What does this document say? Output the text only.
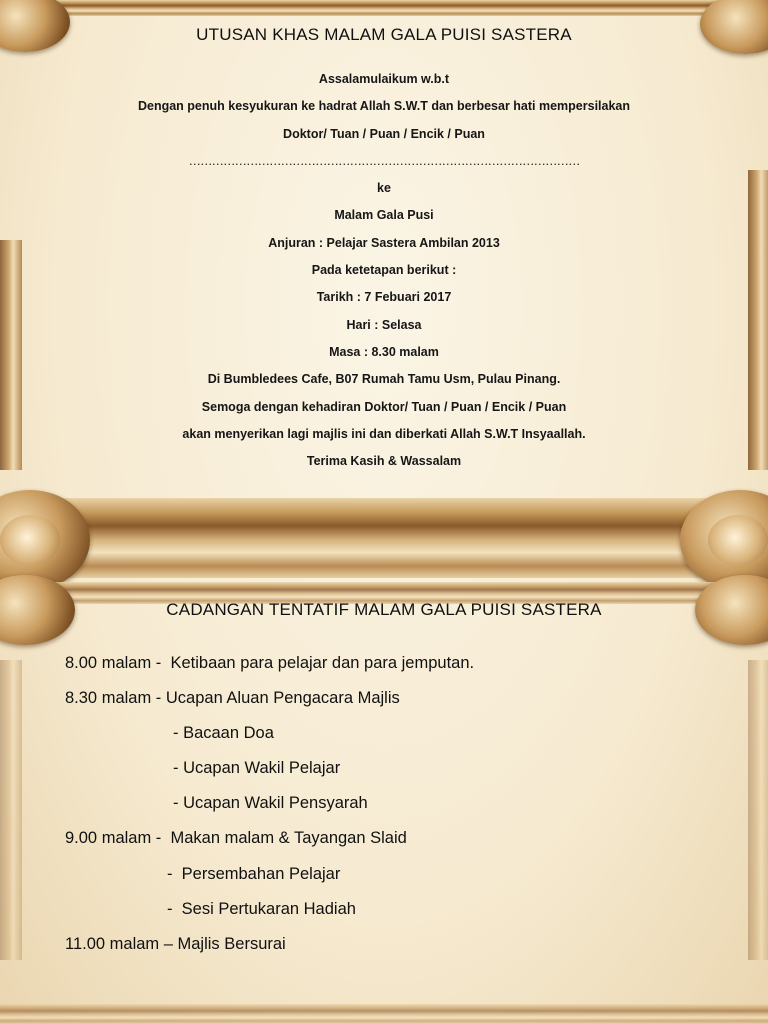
UTUSAN KHAS MALAM GALA PUISI SASTERA
Assalamulaikum w.b.t
Dengan penuh kesyukuran ke hadrat Allah S.W.T dan berbesar hati mempersilakan
Doktor/ Tuan / Puan / Encik / Puan
…………………………………………………………………………………………
ke
Malam Gala Pusi
Anjuran : Pelajar Sastera Ambilan 2013
Pada ketetapan berikut :
Tarikh : 7 Febuari 2017
Hari : Selasa
Masa : 8.30 malam
Di Bumbledees Cafe, B07 Rumah Tamu Usm, Pulau Pinang.
Semoga dengan kehadiran Doktor/ Tuan / Puan / Encik / Puan
akan menyerikan lagi majlis ini dan diberkati Allah S.W.T Insyaallah.
Terima Kasih & Wassalam
CADANGAN TENTATIF MALAM GALA PUISI SASTERA
8.00 malam -  Ketibaan para pelajar dan para jemputan.
8.30 malam - Ucapan Aluan Pengacara Majlis
- Bacaan Doa
- Ucapan Wakil Pelajar
- Ucapan Wakil Pensyarah
9.00 malam -  Makan malam & Tayangan Slaid
-  Persembahan Pelajar
-  Sesi Pertukaran Hadiah
11.00 malam – Majlis Bersurai
